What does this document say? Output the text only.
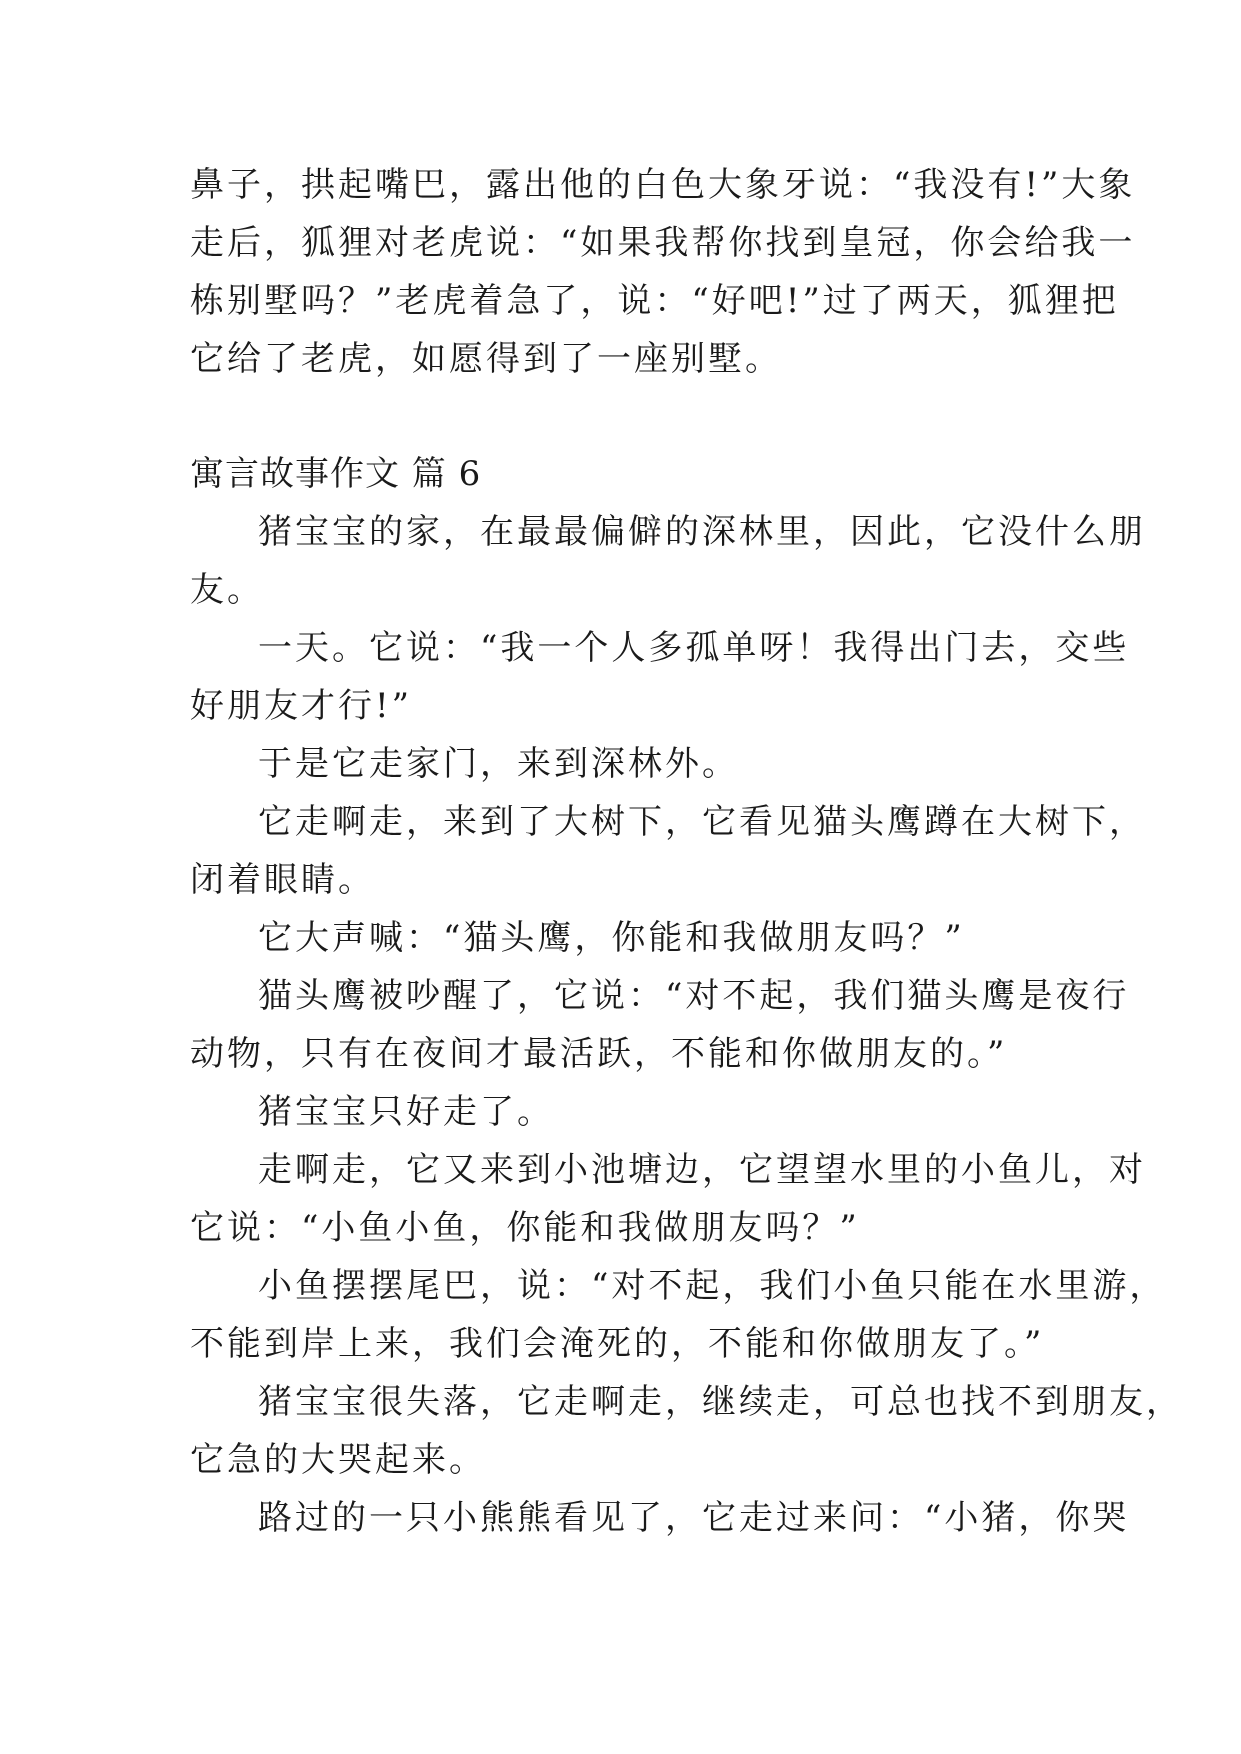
鼻子，拱起嘴巴，露出他的白色大象牙说：“我没有!”大象
走后，狐狸对老虎说：“如果我帮你找到皇冠，你会给我一
栋别墅吗？”老虎着急了，说：“好吧!”过了两天，狐狸把
它给了老虎，如愿得到了一座别墅。
寓言故事作文 篇 6
猪宝宝的家，在最最偏僻的深林里，因此，它没什么朋
友。
一天。它说：“我一个人多孤单呀！我得出门去，交些
好朋友才行!”
于是它走家门，来到深林外。
它走啊走，来到了大树下，它看见猫头鹰蹲在大树下，
闭着眼睛。
它大声喊：“猫头鹰，你能和我做朋友吗？”
猫头鹰被吵醒了，它说：“对不起，我们猫头鹰是夜行
动物，只有在夜间才最活跃，不能和你做朋友的。”
猪宝宝只好走了。
走啊走，它又来到小池塘边，它望望水里的小鱼儿，对
它说：“小鱼小鱼，你能和我做朋友吗？”
小鱼摆摆尾巴，说：“对不起，我们小鱼只能在水里游，
不能到岸上来，我们会淹死的，不能和你做朋友了。”
猪宝宝很失落，它走啊走，继续走，可总也找不到朋友，
它急的大哭起来。
路过的一只小熊熊看见了，它走过来问：“小猪，你哭
